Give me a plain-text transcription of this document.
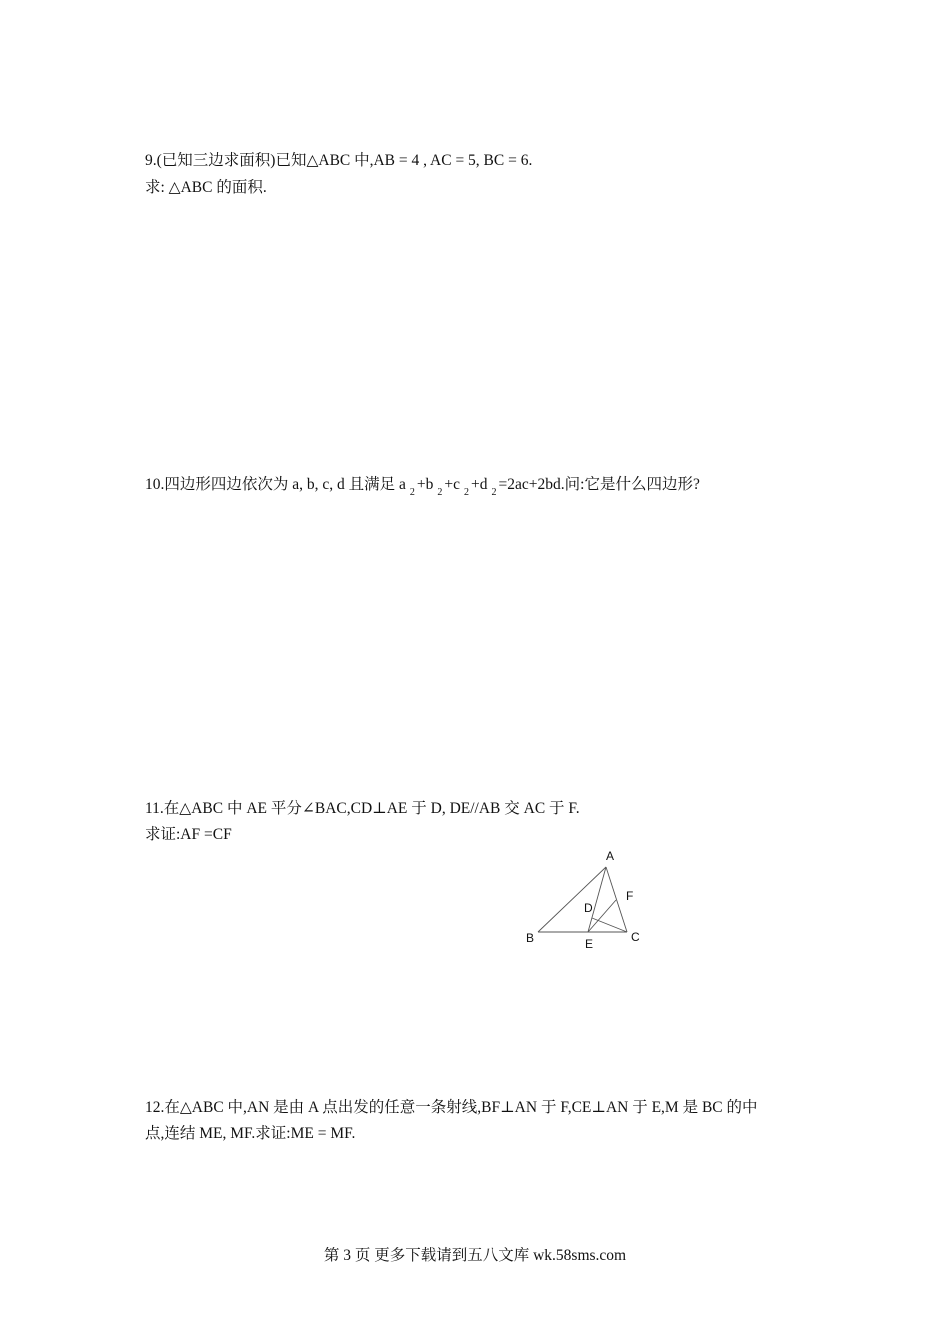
9.(已知三边求面积)已知△ABC 中,AB = 4 , AC = 5, BC = 6.
求: △ABC 的面积.
10.四边形四边依次为 a, b, c, d 且满足 a $_2$ +b $_2$ +c $_2$ +d $_2$ =2ac+2bd.问:它是什么四边形?
11.在△ABC 中 AE 平分∠BAC,CD⊥AE 于 D, DE//AB 交 AC 于 F.
求证:AF =CF
A
B	C
D
E
F
12.在△ABC 中,AN 是由 A 点出发的任意一条射线,BF⊥AN 于 F,CE⊥AN 于 E,M 是 BC 的中
点,连结 ME, MF.求证:ME = MF.
第 3 页 更多下载请到五八文库 wk.58sms.com
